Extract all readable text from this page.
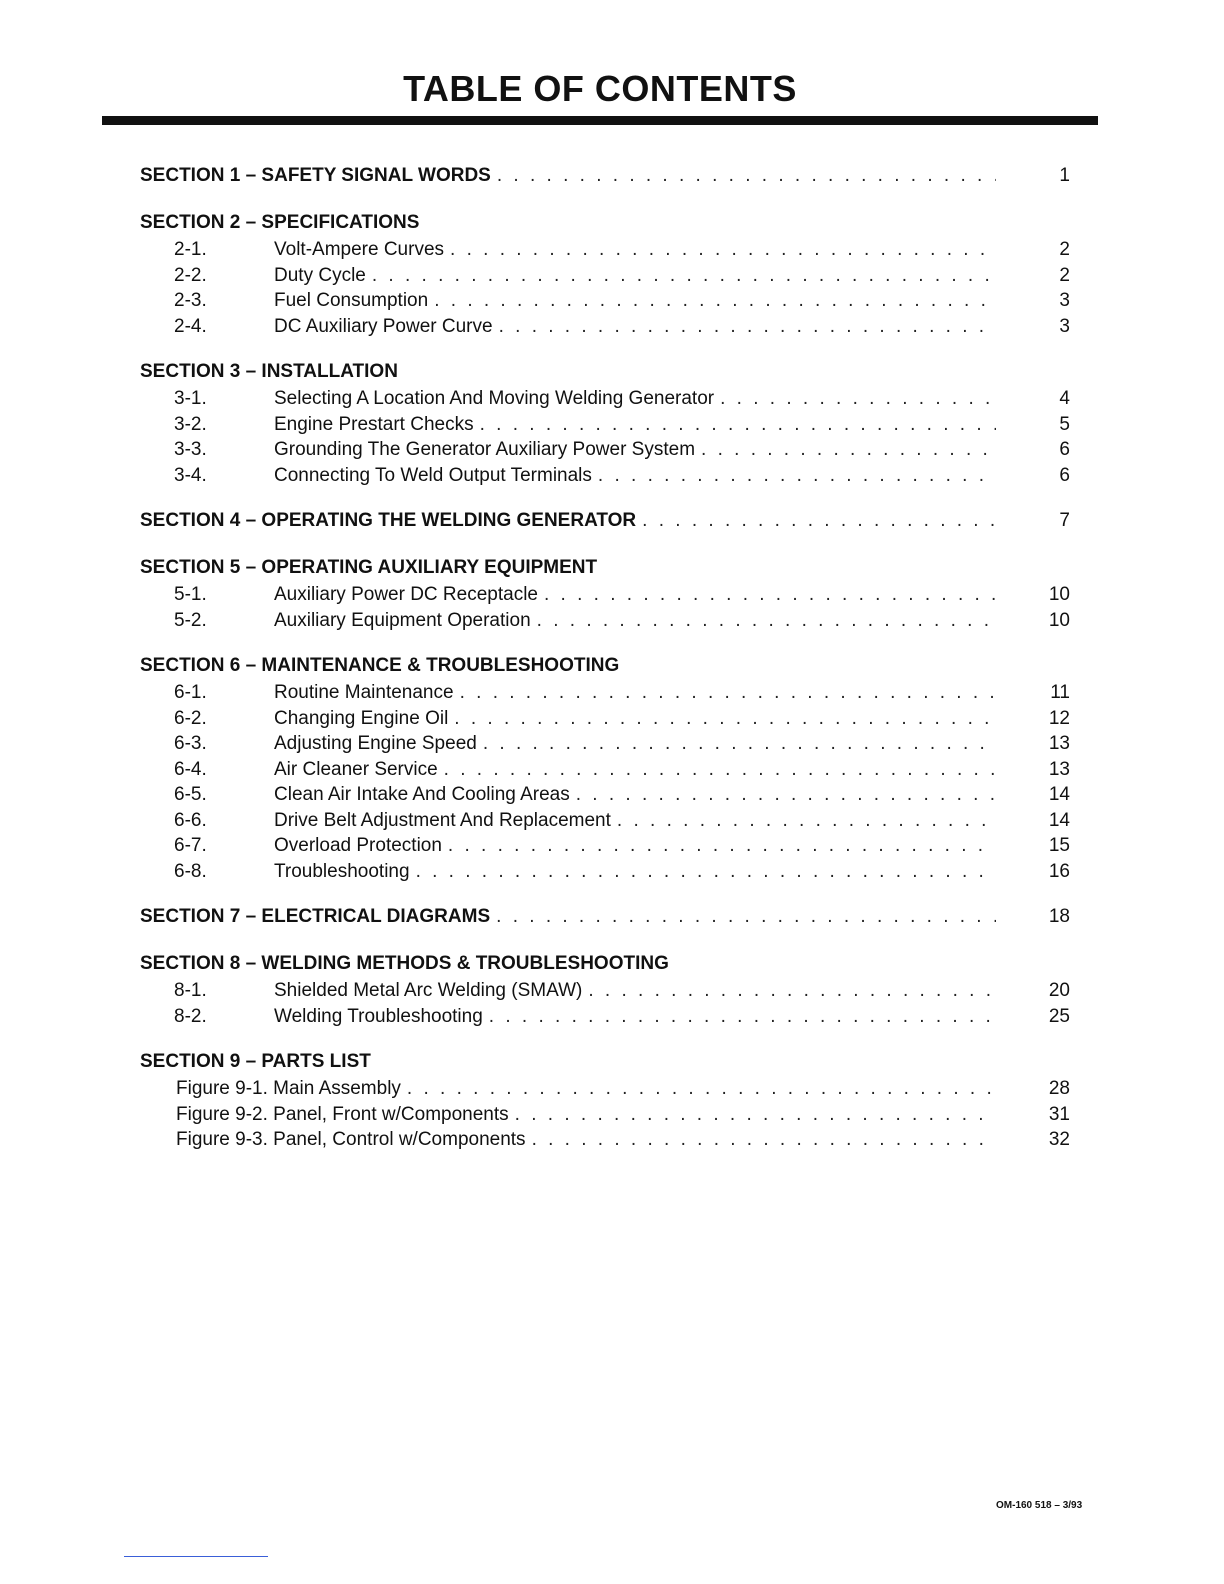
TABLE OF CONTENTS
SECTION 1 – SAFETY SIGNAL WORDS . . .	1
SECTION 2 – SPECIFICATIONS
2-1.	Volt-Ampere Curves . . .	2
2-2.	Duty Cycle . . .	2
2-3.	Fuel Consumption . . .	3
2-4.	DC Auxiliary Power Curve . . .	3
SECTION 3 – INSTALLATION
3-1.	Selecting A Location And Moving Welding Generator . . .	4
3-2.	Engine Prestart Checks . . .	5
3-3.	Grounding The Generator Auxiliary Power System . . .	6
3-4.	Connecting To Weld Output Terminals . . .	6
SECTION 4 – OPERATING THE WELDING GENERATOR . . .	7
SECTION 5 – OPERATING AUXILIARY EQUIPMENT
5-1.	Auxiliary Power DC Receptacle . . .	10
5-2.	Auxiliary Equipment Operation . . .	10
SECTION 6 – MAINTENANCE & TROUBLESHOOTING
6-1.	Routine Maintenance . . .	11
6-2.	Changing Engine Oil . . .	12
6-3.	Adjusting Engine Speed . . .	13
6-4.	Air Cleaner Service . . .	13
6-5.	Clean Air Intake And Cooling Areas . . .	14
6-6.	Drive Belt Adjustment And Replacement . . .	14
6-7.	Overload Protection . . .	15
6-8.	Troubleshooting . . .	16
SECTION 7 – ELECTRICAL DIAGRAMS . . .	18
SECTION 8 – WELDING METHODS & TROUBLESHOOTING
8-1.	Shielded Metal Arc Welding (SMAW) . . .	20
8-2.	Welding Troubleshooting . . .	25
SECTION 9 – PARTS LIST
Figure 9-1. Main Assembly . . .	28
Figure 9-2. Panel, Front w/Components . . .	31
Figure 9-3. Panel, Control w/Components . . .	32
OM-160 518 – 3/93
